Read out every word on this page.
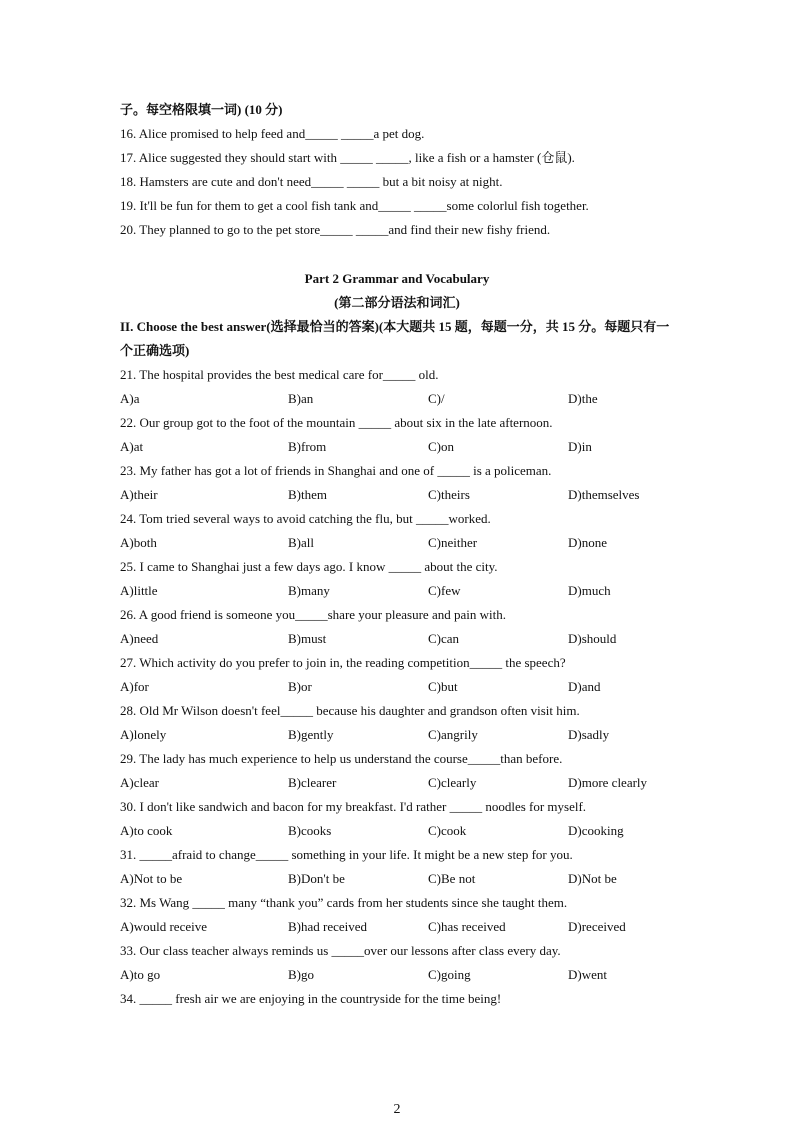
子。每空格限填一词) (10 分)
16. Alice promised to help feed and_____ _____a pet dog.
17. Alice suggested they should start with _____ _____, like a fish or a hamster (仓鼠).
18. Hamsters are cute and don't need_____ _____ but a bit noisy at night.
19. It'll be fun for them to get a cool fish tank and_____ _____some colorlul fish together.
20. They planned to go to the pet store_____ _____and find their new fishy friend.
Part 2 Grammar and Vocabulary
(第二部分语法和词汇)
II. Choose the best answer(选择最恰当的答案)(本大题共 15 题，每题一分，共 15 分。每题只有一
个正确选项)
21. The hospital provides the best medical care for_____ old.
A)a	B)an	C)/	D)the
22. Our group got to the foot of the mountain _____ about six in the late afternoon.
A)at	B)from	C)on	D)in
23. My father has got a lot of friends in Shanghai and one of _____ is a policeman.
A)their	B)them	C)theirs	D)themselves
24. Tom tried several ways to avoid catching the flu, but _____worked.
A)both	B)all	C)neither	D)none
25. I came to Shanghai just a few days ago. I know _____ about the city.
A)little	B)many	C)few	D)much
26. A good friend is someone you_____share your pleasure and pain with.
A)need	B)must	C)can	D)should
27. Which activity do you prefer to join in, the reading competition_____ the speech?
A)for	B)or	C)but	D)and
28. Old Mr Wilson doesn't feel_____ because his daughter and grandson often visit him.
A)lonely	B)gently	C)angrily	D)sadly
29. The lady has much experience to help us understand the course_____than before.
A)clear	B)clearer	C)clearly	D)more clearly
30. I don't like sandwich and bacon for my breakfast. I'd rather _____ noodles for myself.
A)to cook	B)cooks	C)cook	D)cooking
31. _____afraid to change_____ something in your life. It might be a new step for you.
A)Not to be	B)Don't be	C)Be not	D)Not be
32. Ms Wang _____ many “thank you” cards from her students since she taught them.
A)would receive	B)had received	C)has received	D)received
33. Our class teacher always reminds us _____over our lessons after class every day.
A)to go	B)go	C)going	D)went
34. _____ fresh air we are enjoying in the countryside for the time being!
2
